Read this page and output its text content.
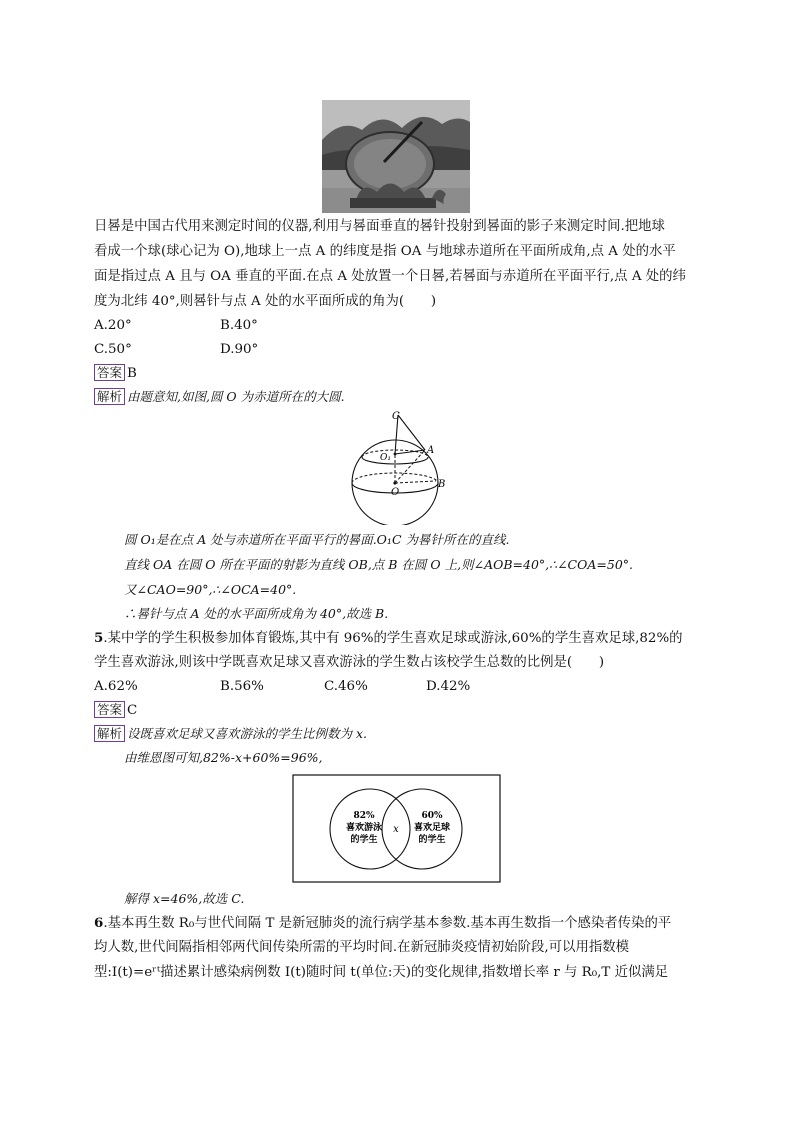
日晷是中国古代用来测定时间的仪器,利用与晷面垂直的晷针投射到晷面的影子来测定时间.把地球
看成一个球(球心记为 O),地球上一点 A 的纬度是指 OA 与地球赤道所在平面所成角,点 A 处的水平
面是指过点 A 且与 OA 垂直的平面.在点 A 处放置一个日晷,若晷面与赤道所在平面平行,点 A 处的纬
度为北纬 40°,则晷针与点 A 处的水平面所成的角为(　　)
A.20°	B.40°
C.50°	D.90°
答案 B
解析 由题意知,如图,圆 O 为赤道所在的大圆.
C
A
B
O
O₁
圆 O₁是在点 A 处与赤道所在平面平行的晷面.O₁C 为晷针所在的直线.
直线 OA 在圆 O 所在平面的射影为直线 OB,点 B 在圆 O 上,则∠AOB=40°,∴∠COA=50°.
又∠CAO=90°,∴∠OCA=40°.
∴晷针与点 A 处的水平面所成角为 40°,故选 B.
5.某中学的学生积极参加体育锻炼,其中有 96%的学生喜欢足球或游泳,60%的学生喜欢足球,82%的
学生喜欢游泳,则该中学既喜欢足球又喜欢游泳的学生数占该校学生总数的比例是(　　)
A.62%	B.56%	C.46%	D.42%
答案 C
解析 设既喜欢足球又喜欢游泳的学生比例数为 x.
由维恩图可知,82%-x+60%=96%,
82%
喜欢游泳
的学生
x
60%
喜欢足球
的学生
解得 x=46%,故选 C.
6.基本再生数 R₀与世代间隔 T 是新冠肺炎的流行病学基本参数.基本再生数指一个感染者传染的平
均人数,世代间隔指相邻两代间传染所需的平均时间.在新冠肺炎疫情初始阶段,可以用指数模
型:I(t)=eʳᵗ描述累计感染病例数 I(t)随时间 t(单位:天)的变化规律,指数增长率 r 与 R₀,T 近似满足
